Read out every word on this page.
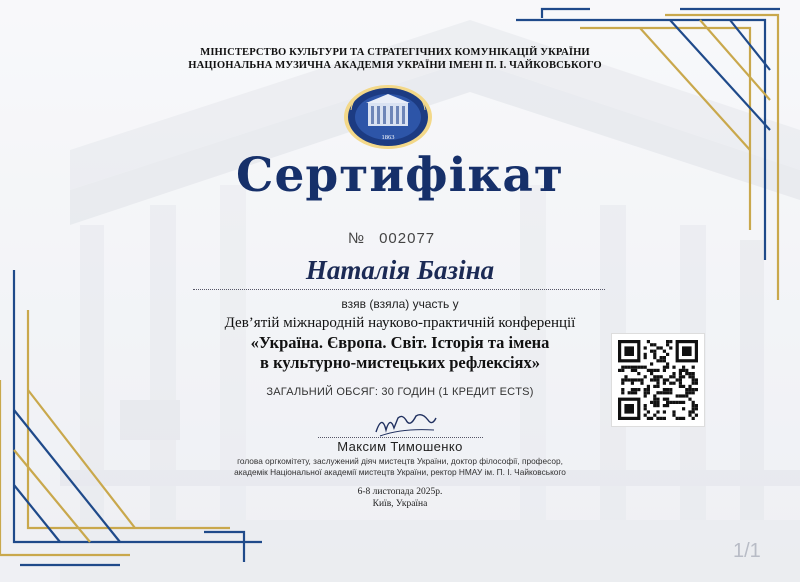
МІНІСТЕРСТВО КУЛЬТУРИ ТА СТРАТЕГІЧНИХ КОМУНІКАЦІЙ УКРАЇНИ
НАЦІОНАЛЬНА МУЗИЧНА АКАДЕМІЯ УКРАЇНИ ІМЕНІ П. І. ЧАЙКОВСЬКОГО
1863
Сертифікат
№ 002077
Наталія Базіна
взяв (взяла) участь у
Дев’ятій міжнародній науково-практичній конференції
«Україна. Європа. Світ. Історія та імена
в культурно-мистецьких рефлексіях»
ЗАГАЛЬНИЙ ОБСЯГ: 30 ГОДИН (1 КРЕДИТ ECTS)
Максим Тимошенко
голова оргкомітету, заслужений діяч мистецтв України, доктор філософії, професор,
академік Національної академії мистецтв України, ректор НМАУ ім. П. І. Чайковського
6-8 листопада 2025р.
Київ, Україна
1/1
